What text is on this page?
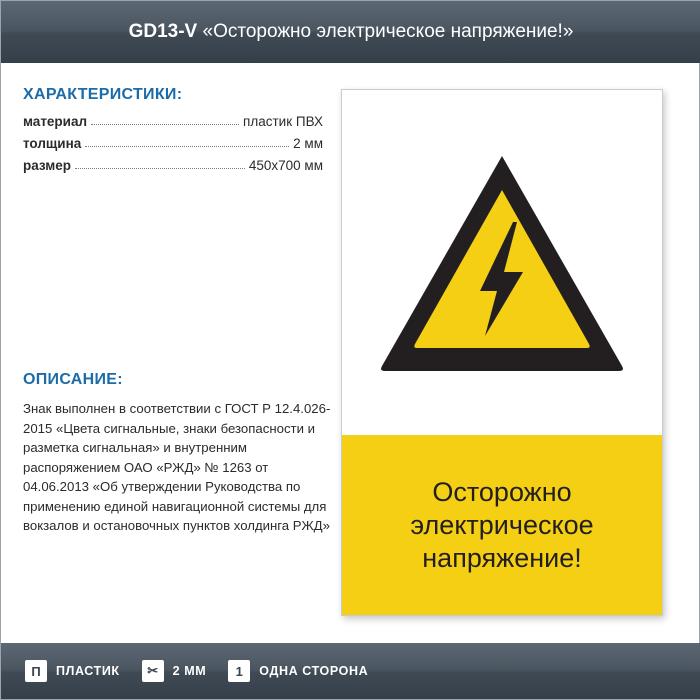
GD13-V «Осторожно электрическое напряжение!»
ХАРАКТЕРИСТИКИ:
материал	пластик ПВХ
толщина	2 мм
размер	450x700 мм
ОПИСАНИЕ:

Знак выполнен в соответствии с ГОСТ Р 12.4.026-2015 «Цвета сигнальные, знаки безопасности и разметка сигнальная» и внутренним распоряжением ОАО «РЖД» № 1263 от 04.06.2013 «Об утверждении Руководства по применению единой навигационной системы для вокзалов и остановочных пунктов холдинга РЖД»

Осторожно электрическое напряжение!

П	ПЛАСТИК	✂	2 ММ	1	ОДНА СТОРОНА
